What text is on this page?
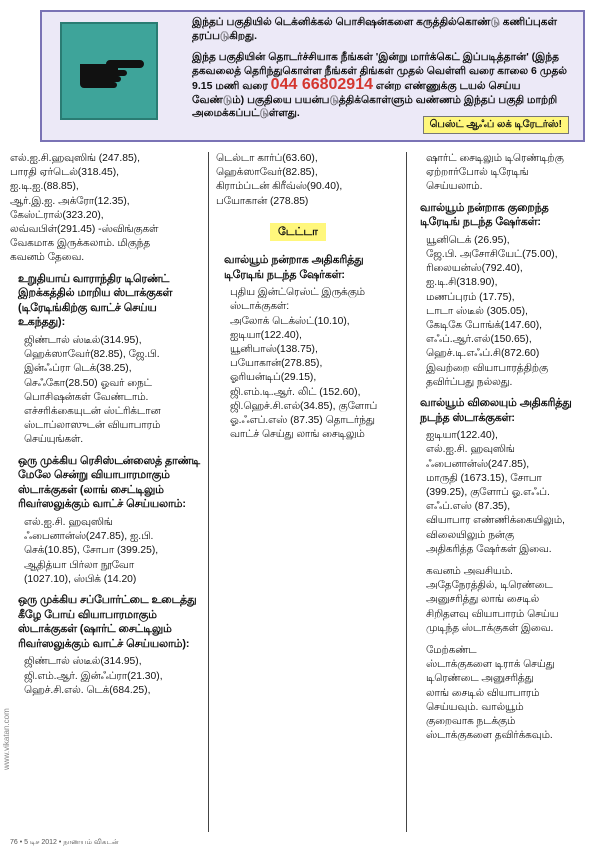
இந்தப் பகுதியில் டெக்னிக்கல் பொசிஷன்களை கருத்தில்கொண்டு கணிப்புகள் தரப்படுகிறது.

இந்த பகுதியின் தொடர்ச்சியாக நீங்கள் 'இன்று மார்க்கெட் இப்படித்தான்' (இந்த தகவலைத் தெரிந்துகொள்ள நீங்கள் திங்கள் முதல் வெள்ளி வரை காலை 6 முதல் 9.15 மணி வரை 044 66802914 என்ற எண்ணுக்கு டயல் செய்ய வேண்டும்) பகுதியை பயன்படுத்திக்கொள்ளும் வண்ணம் இந்தப் பகுதி மாற்றி அமைக்கப்பட்டுள்ளது.

பெஸ்ட் ஆஃப் லக் டிரேடர்ஸ்!

எல்.ஐ.சி.ஹவுஸிங் (247.85),

பாரதி ஏர்டெல்(318.45),

ஐ.டி.ஐ.(88.85),

ஆர்.இ.ஐ. அக்ரோ(12.35),

கேஸ்ட்ரால்(323.20),

லவ்வபிள்(291.45) -ஸ்விங்குகள்

வேகமாக இருக்கலாம். மிகுந்த

கவனம் தேவை.

உறுதியாய் வாராந்திர டிரெண்ட் இறக்கத்தில் மாறிய ஸ்டாக்குகள் (டிரேடிங்கிற்கு வாட்ச் செய்ய உகந்தது):

ஜிண்டால் ஸ்டீல்(314.95),

ஹெக்ஸாவேர்(82.85), ஜே.பி.

இன்ஃப்ரா டெக்(38.25),

செஃகோ(28.50) ஓவர் நைட்

பொசிஷன்கள் வேண்டாம்.

எச்சரிக்கையுடன் ஸ்ட்ரிக்டான

ஸ்டாப்லாஸுடன் வியாபாரம்

செய்யுங்கள்.

ஒரு முக்கிய ரெசிஸ்டன்ஸைத் தாண்டி மேலே சென்று வியாபாரமாகும் ஸ்டாக்குகள் (லாங் சைட்டிலும் ரிவர்ஸலுக்கும் வாட்ச் செய்யலாம்:

எல்.ஐ.சி. ஹவுஸிங்

ஃபைனான்ஸ்(247.85), ஐ.பி.

செக்(10.85), சோபா (399.25),

ஆதித்யா பிர்லா நூவோ

(1027.10), ஸ்பிக் (14.20)

ஒரு முக்கிய சப்போர்ட்டை உடைத்து கீழே போய் வியாபாரமாகும் ஸ்டாக்குகள் (ஷார்ட் சைட்டிலும் ரிவர்ஸலுக்கும் வாட்ச் செய்யலாம்):

ஜிண்டால் ஸ்டீல்(314.95),

ஜி.எம்.ஆர். இன்ஃப்ரா(21.30),

ஹெச்.சி.எல். டெக்(684.25),

டெல்டா கார்ப்(63.60),

ஹெக்ஸாவேர்(82.85),

கிராம்ப்டன் கிரீவ்ஸ்(90.40),

பயோகான் (278.85)

டேட்டா

வால்யூம் நன்றாக அதிகரித்து டிரேடிங் நடந்த ஷேர்கள்:

புதிய இன்ட்ரெஸ்ட் இருக்கும் ஸ்டாக்குகள்:

அலோக் டெக்ஸ்ட்(10.10),

ஐடியா(122.40),

யூனிபாஸ்(138.75),

பயோகான்(278.85),

ஓரியன்டிப்(29.15),

ஜி.எம்.டி.ஆர். லிட் (152.60),

ஜி.ஹெச்.சி.எல்(34.85), குளோப்

ஓ.ஃஎப்.எஸ் (87.35) தொடர்ந்து

வாட்ச் செய்து லாங் சைடிலும்

ஷார்ட் சைடிலும் டிரெண்டிற்கு

ஏற்றார்போல் டிரேடிங்

செய்யலாம்.

வால்யூம் நன்றாக குறைந்த டிரேடிங் நடந்த ஷேர்கள்:

யூனிடெக் (26.95),

ஜே.பி. அசோசியேட்(75.00),

ரிலையன்ஸ்(792.40),

ஐ.டி.சி(318.90),

மணப்புரம் (17.75),

டாடா ஸ்டீல் (305.05),

கேடிகே போங்க்(147.60),

எஃப்.ஆர்.எல்(150.65),

ஹெச்.டி.எஃப்.சி(872.60)

இவற்றை வியாபாரத்திற்கு

தவிர்ப்பது நல்லது.

வால்யூம் விலையும் அதிகரித்து நடந்த ஸ்டாக்குகள்:

ஐடியா(122.40),

எல்.ஐ.சி. ஹவுஸிங்

ஃபைனான்ஸ்(247.85),

மாருதி (1673.15), சோபா

(399.25), குளோப் ஓ.எஃப்.

எஃப்.எஸ் (87.35),

வியாபார எண்ணிக்கையிலும்,

விலையிலும் நன்கு

அதிகரித்த ஷேர்கள் இவை.

கவனம் அவசியம்.

அதேநேரத்தில், டிரெண்டை

அனுசரித்து லாங் சைடில்

சிறிதளவு வியாபாரம் செய்ய

முடிந்த ஸ்டாக்குகள் இவை.

மேற்கண்ட

ஸ்டாக்குகளை டிராக் செய்து

டிரெண்டை அனுசரித்து

லாங் சைடில் வியாபாரம்

செய்யவும். வால்யூம்

குறைவாக நடக்கும்

ஸ்டாக்குகளை தவிர்க்கவும்.

www.vikatan.com
76 • 5 டிச 2012 • நாணயம் விகடன்
